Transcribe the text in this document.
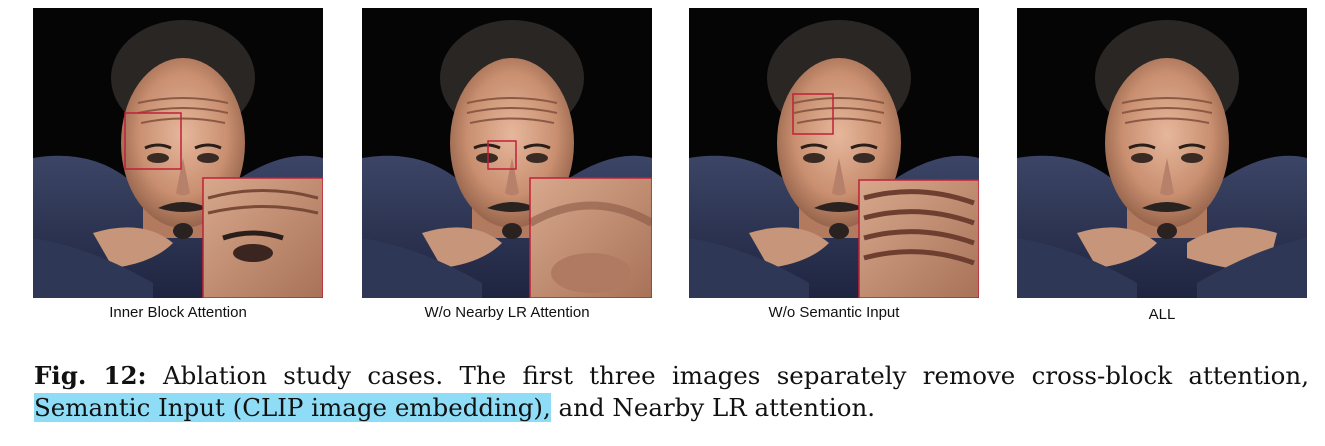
Inner Block Attention	W/o Nearby LR Attention	W/o Semantic Input	ALL
Fig. 12: Ablation study cases. The first three images separately remove cross-block attention, Semantic Input (CLIP image embedding), and Nearby LR attention.
